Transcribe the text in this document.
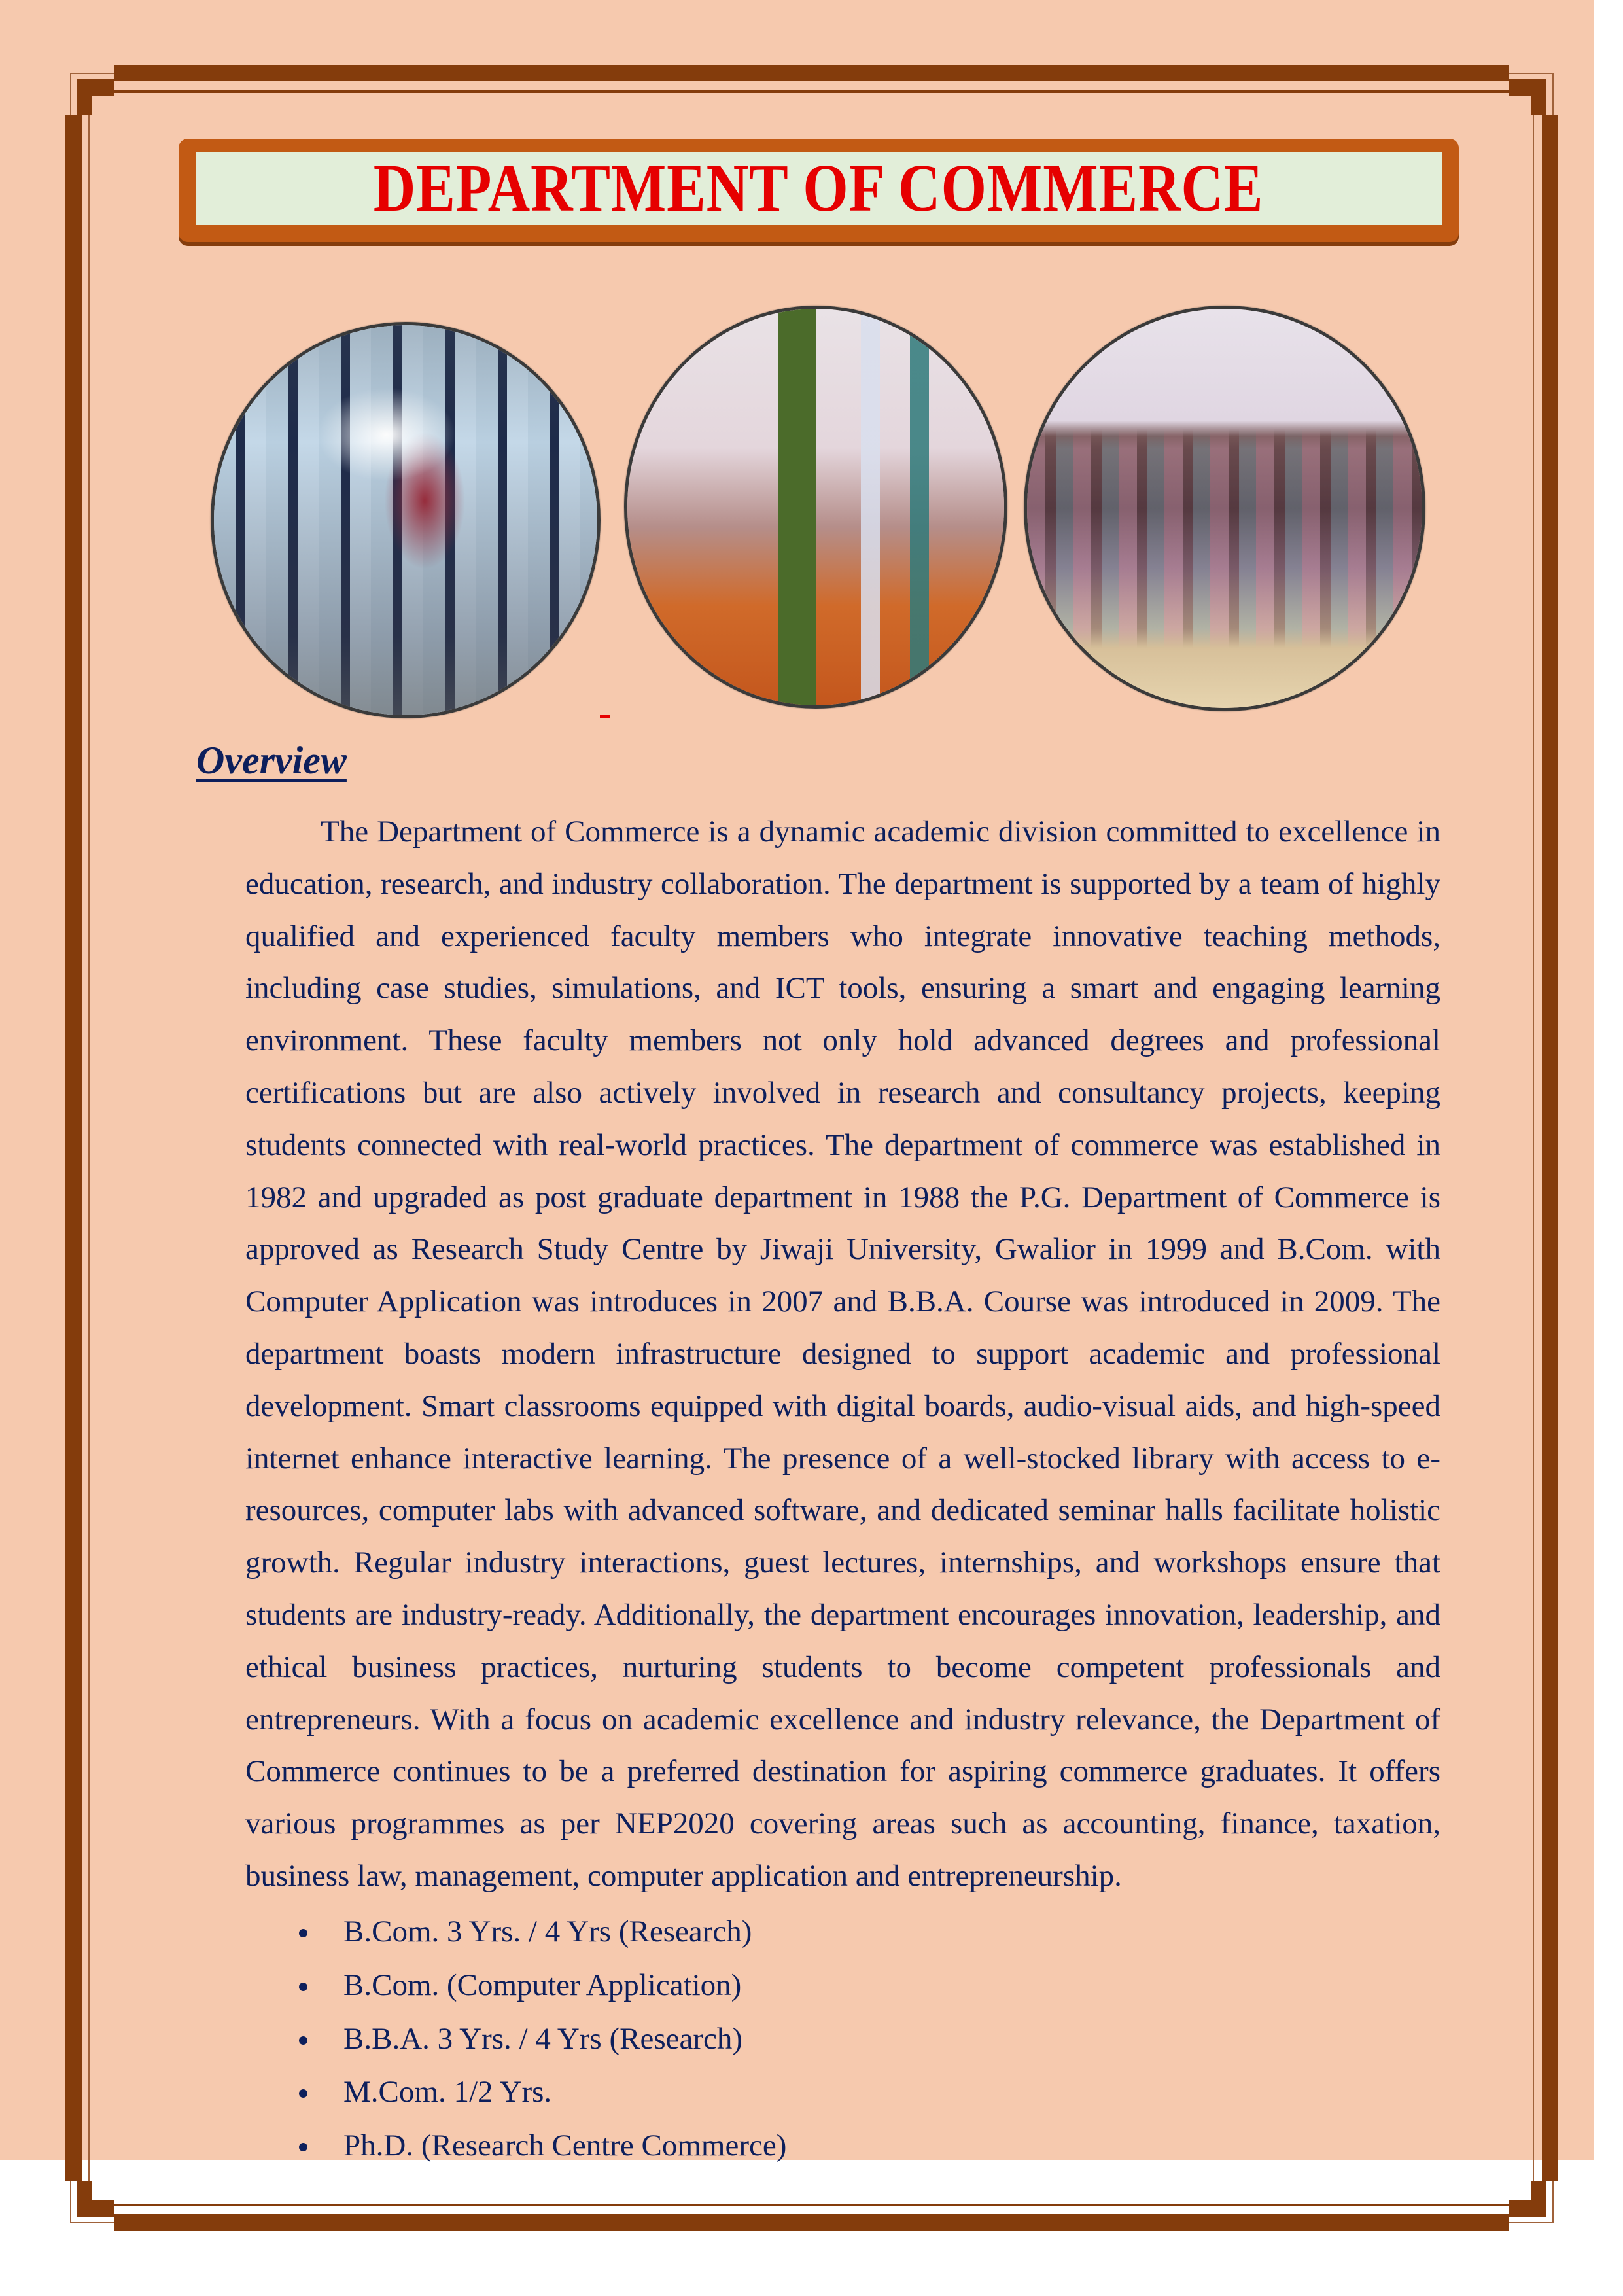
DEPARTMENT OF COMMERCE
Overview

The Department of Commerce is a dynamic academic division committed to excellence in education, research, and industry collaboration. The department is supported by a team of highly qualified and experienced faculty members who integrate innovative teaching methods, including case studies, simulations, and ICT tools, ensuring a smart and engaging learning environment. These faculty members not only hold advanced degrees and professional certifications but are also actively involved in research and consultancy projects, keeping students connected with real-world practices. The department of commerce was established in 1982 and upgraded as post graduate department in 1988 the P.G. Department of Commerce is approved as Research Study Centre by Jiwaji University, Gwalior in 1999 and B.Com. with Computer Application was introduces in 2007 and B.B.A. Course was introduced in 2009. The department boasts modern infrastructure designed to support academic and professional development. Smart classrooms equipped with digital boards, audio-visual aids, and high-speed internet enhance interactive learning. The presence of a well-stocked library with access to e-resources, computer labs with advanced software, and dedicated seminar halls facilitate holistic growth. Regular industry interactions, guest lectures, internships, and workshops ensure that students are industry-ready. Additionally, the department encourages innovation, leadership, and ethical business practices, nurturing students to become competent professionals and entrepreneurs. With a focus on academic excellence and industry relevance, the Department of Commerce continues to be a preferred destination for aspiring commerce graduates. It offers various programmes as per NEP2020 covering areas such as accounting, finance, taxation, business law, management, computer application and entrepreneurship.

B.Com. 3 Yrs. / 4 Yrs (Research)
B.Com. (Computer Application)
B.B.A. 3 Yrs. / 4 Yrs (Research)
M.Com. 1/2 Yrs.
Ph.D. (Research Centre Commerce)
